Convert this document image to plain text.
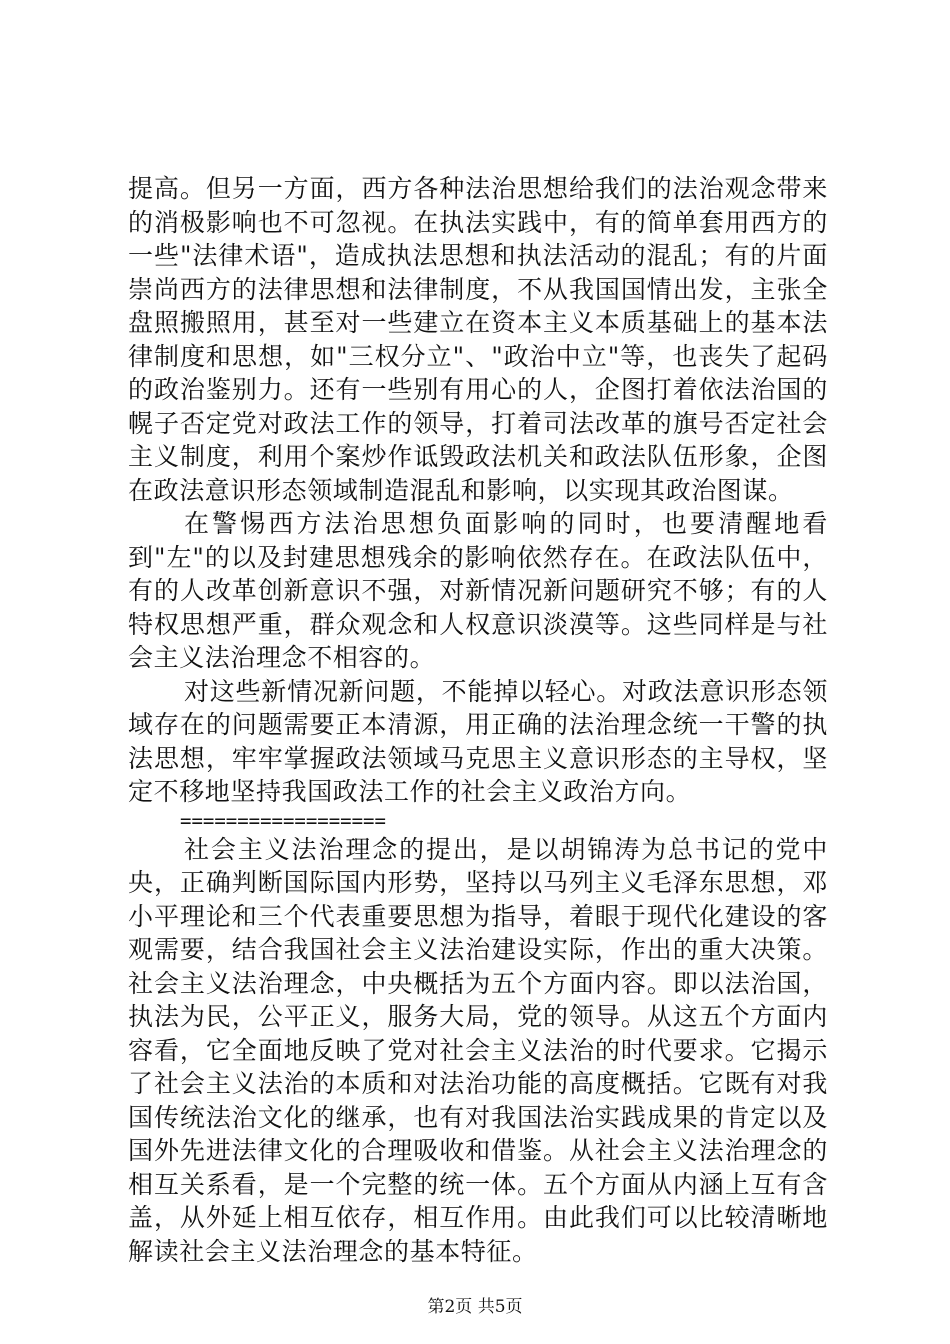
提高。但另一方面，西方各种法治思想给我们的法治观念带来的消极影响也不可忽视。在执法实践中，有的简单套用西方的一些"法律术语"，造成执法思想和执法活动的混乱；有的片面崇尚西方的法律思想和法律制度，不从我国国情出发，主张全盘照搬照用，甚至对一些建立在资本主义本质基础上的基本法律制度和思想，如"三权分立"、"政治中立"等，也丧失了起码的政治鉴别力。还有一些别有用心的人，企图打着依法治国的幌子否定党对政法工作的领导，打着司法改革的旗号否定社会主义制度，利用个案炒作诋毁政法机关和政法队伍形象，企图在政法意识形态领域制造混乱和影响，以实现其政治图谋。

在警惕西方法治思想负面影响的同时，也要清醒地看到"左"的以及封建思想残余的影响依然存在。在政法队伍中，有的人改革创新意识不强，对新情况新问题研究不够；有的人特权思想严重，群众观念和人权意识淡漠等。这些同样是与社会主义法治理念不相容的。

对这些新情况新问题，不能掉以轻心。对政法意识形态领域存在的问题需要正本清源，用正确的法治理念统一干警的执法思想，牢牢掌握政法领域马克思主义意识形态的主导权，坚定不移地坚持我国政法工作的社会主义政治方向。

==================

社会主义法治理念的提出，是以胡锦涛为总书记的党中央，正确判断国际国内形势，坚持以马列主义毛泽东思想，邓小平理论和三个代表重要思想为指导，着眼于现代化建设的客观需要，结合我国社会主义法治建设实际，作出的重大决策。社会主义法治理念，中央概括为五个方面内容。即以法治国，执法为民，公平正义，服务大局，党的领导。从这五个方面内容看，它全面地反映了党对社会主义法治的时代要求。它揭示了社会主义法治的本质和对法治功能的高度概括。它既有对我国传统法治文化的继承，也有对我国法治实践成果的肯定以及国外先进法律文化的合理吸收和借鉴。从社会主义法治理念的相互关系看，是一个完整的统一体。五个方面从内涵上互有含盖，从外延上相互依存，相互作用。由此我们可以比较清晰地解读社会主义法治理念的基本特征。

第2页 共5页
